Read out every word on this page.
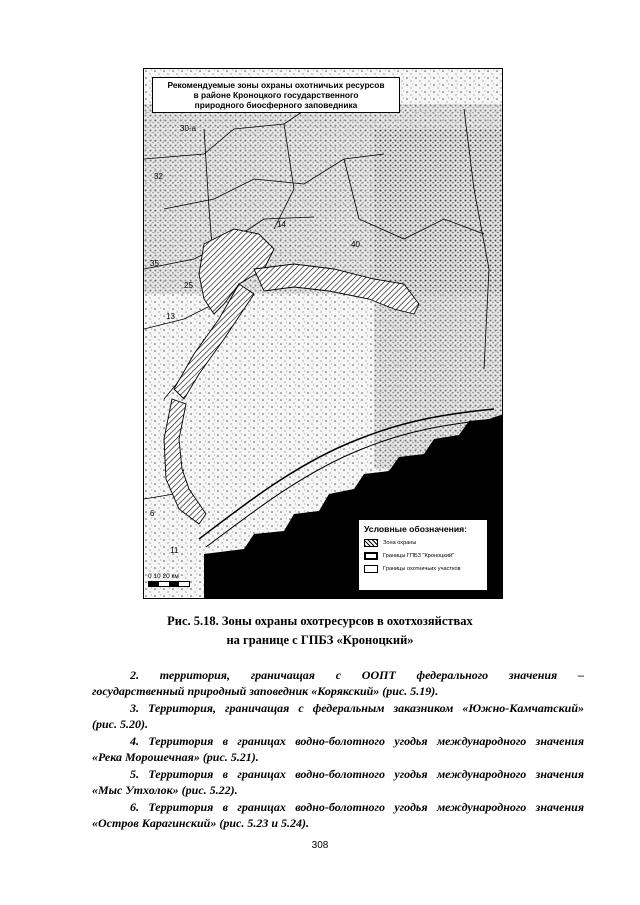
30-а
32
14
40
35
25
13
6
11
Рекомендуемые зоны охраны охотничьих ресурсов
в районе Кроноцкого государственного
природного биосферного заповедника
Условные обозначения:
Зона охраны
Границы ГПБЗ "Кроноцкий"
Границы охотничьих участков
0 10 20 км
Рис. 5.18. Зоны охраны охотресурсов в охотхозяйствах
на границе с ГПБЗ «Кроноцкий»
2. территория, граничащая с ООПТ федерального значения –
государственный природный заповедник «Корякский» (рис. 5.19).
3. Территория, граничащая с федеральным заказником «Южно-Камчатский»
(рис. 5.20).
4. Территория в границах водно-болотного угодья международного значения
«Река Морошечная» (рис. 5.21).
5. Территория в границах водно-болотного угодья международного значения
«Мыс Утхолок» (рис. 5.22).
6. Территория в границах водно-болотного угодья международного значения
«Остров Карагинский» (рис. 5.23 и 5.24).
308
